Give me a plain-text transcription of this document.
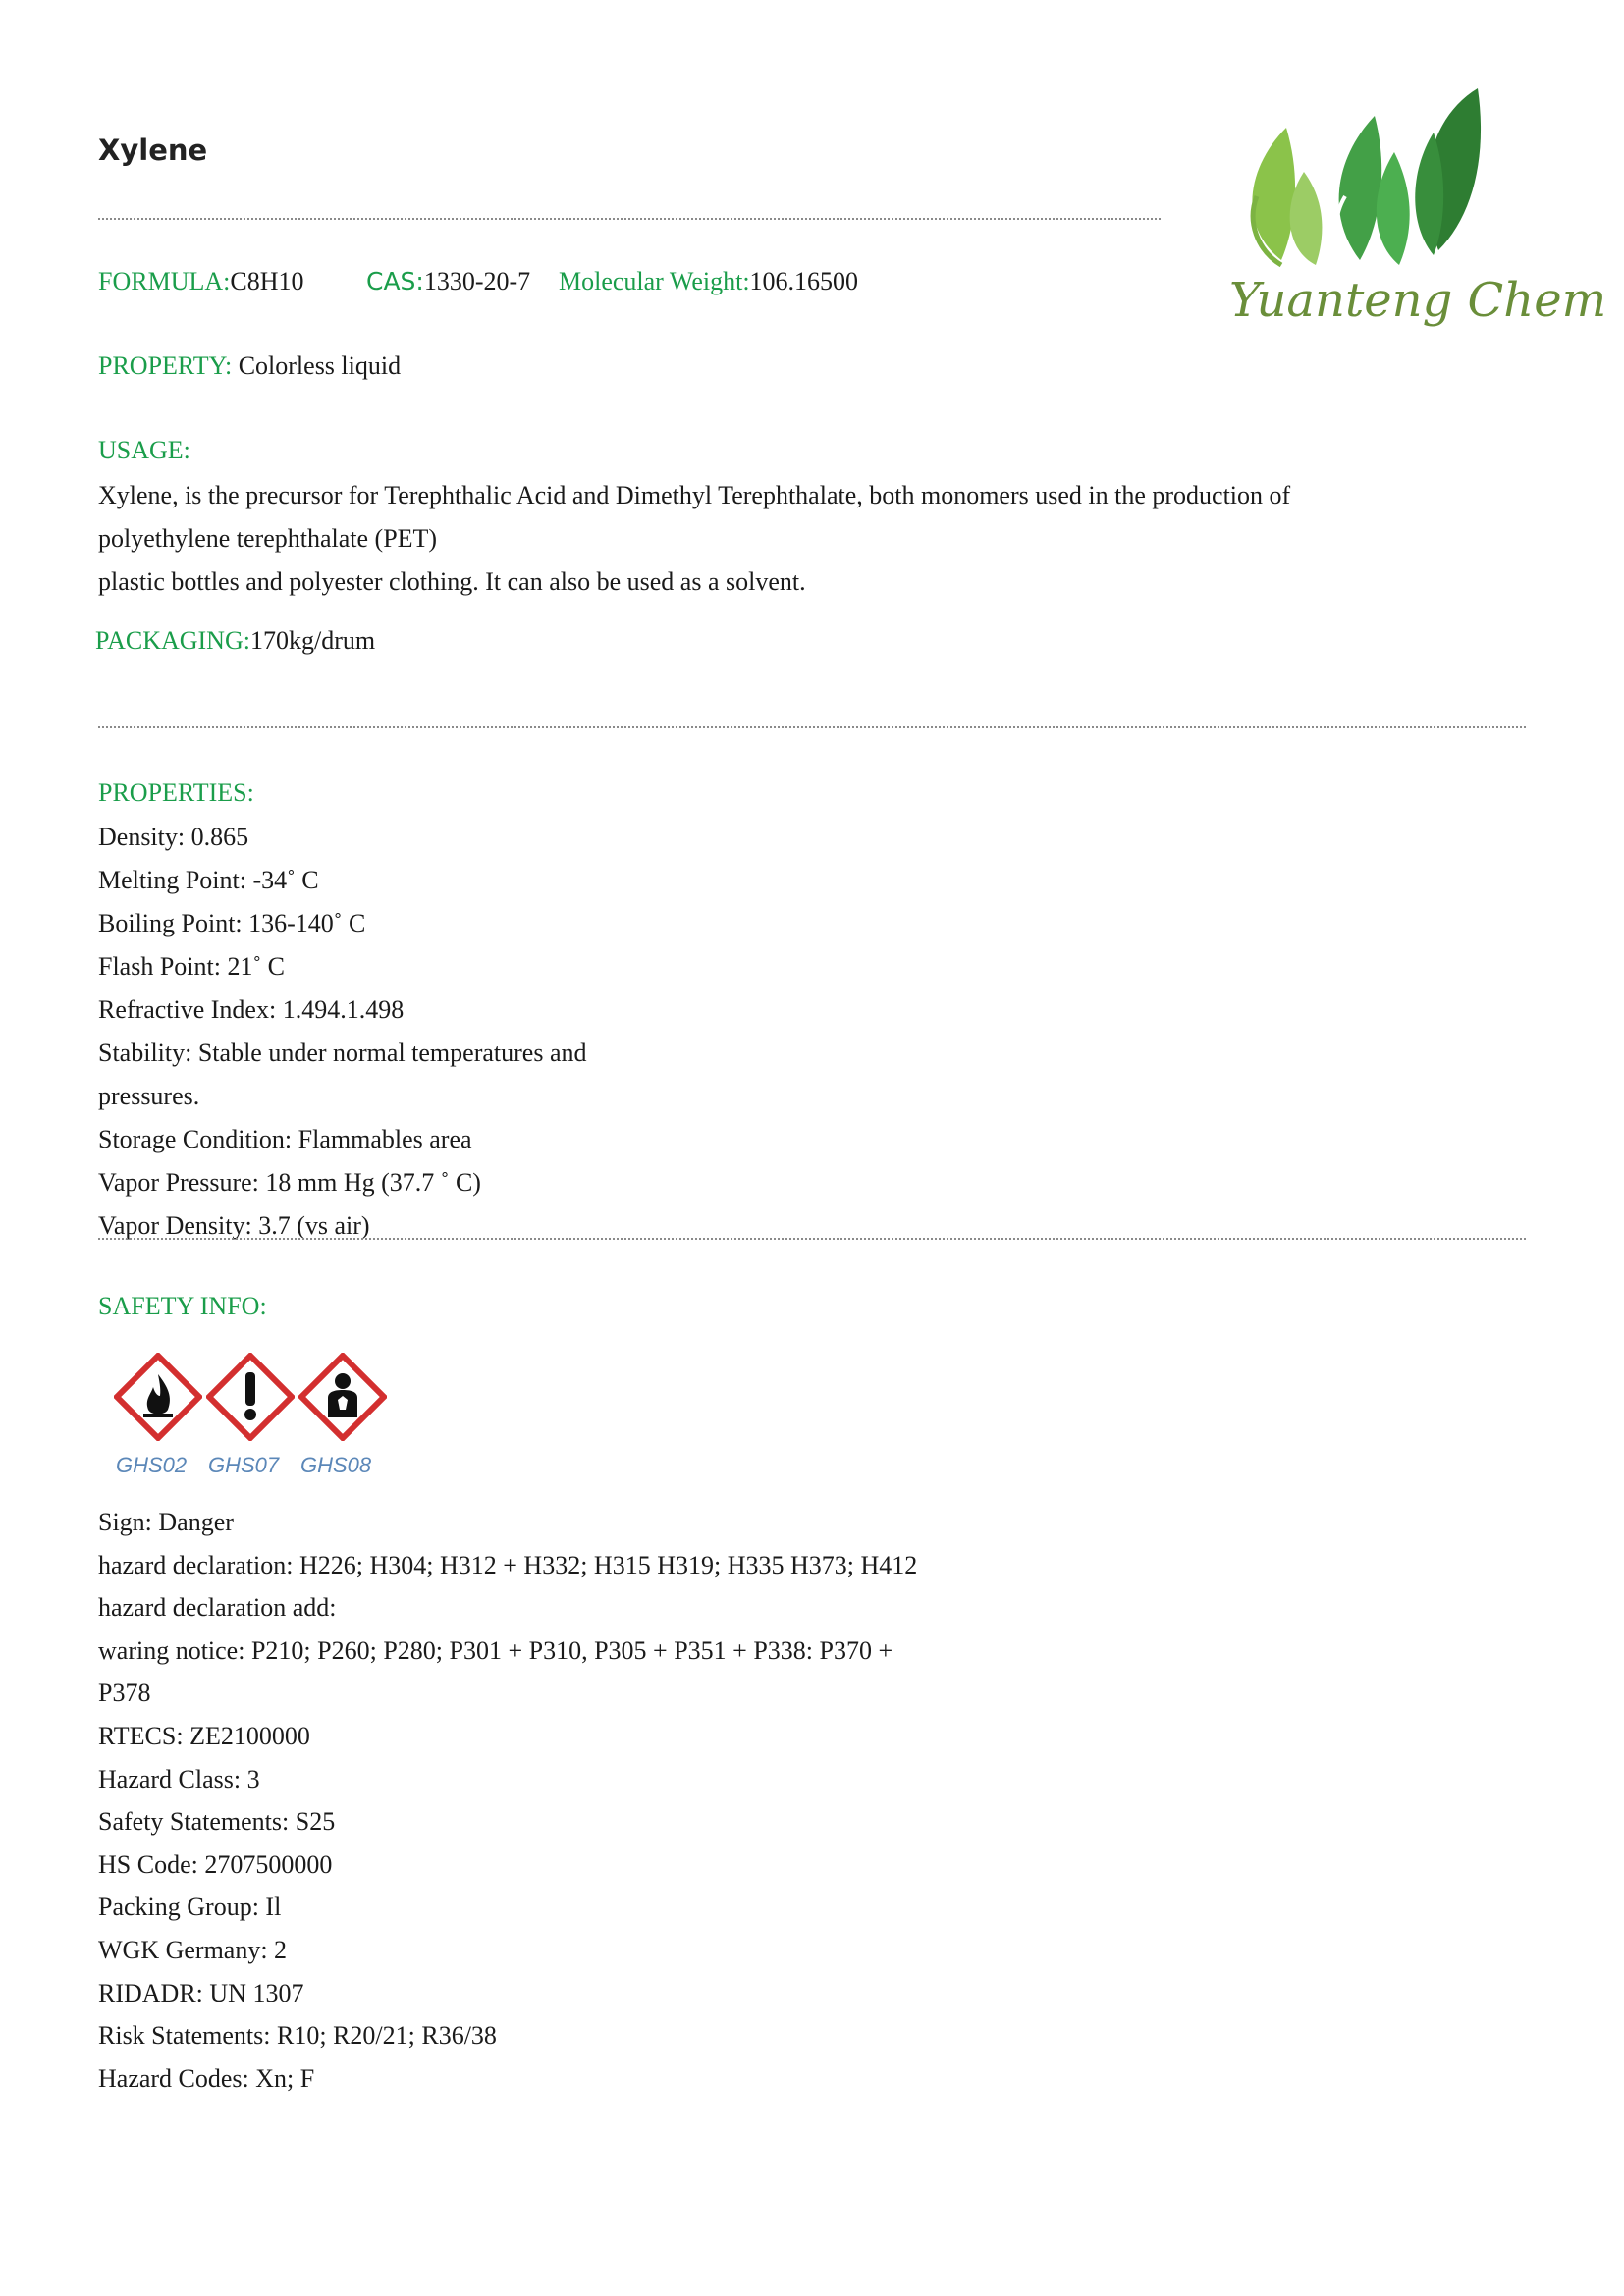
Xylene
Yuanteng Chem
FORMULA:C8H10	CAS:1330-20-7 Molecular Weight:106.16500
PROPERTY: Colorless liquid
USAGE:
Xylene, is the precursor for Terephthalic Acid and Dimethyl Terephthalate, both monomers used in the production of
polyethylene terephthalate (PET)
plastic bottles and polyester clothing. It can also be used as a solvent.
PACKAGING:170kg/drum
PROPERTIES:
Density: 0.865
Melting Point: -34˚ C
Boiling Point: 136-140˚ C
Flash Point: 21˚ C
Refractive Index: 1.494.1.498
Stability: Stable under normal temperatures and
pressures.
Storage Condition: Flammables area
Vapor Pressure: 18 mm Hg (37.7 ˚ C)
Vapor Density: 3.7 (vs air)
SAFETY INFO:
GHS02 GHS07 GHS08
Sign: Danger
hazard declaration: H226; H304; H312 + H332; H315 H319; H335 H373; H412
hazard declaration add:
waring notice: P210; P260; P280; P301 + P310, P305 + P351 + P338: P370 +
P378
RTECS: ZE2100000
Hazard Class: 3
Safety Statements: S25
HS Code: 2707500000
Packing Group: Il
WGK Germany: 2
RIDADR: UN 1307
Risk Statements: R10; R20/21; R36/38
Hazard Codes: Xn; F
